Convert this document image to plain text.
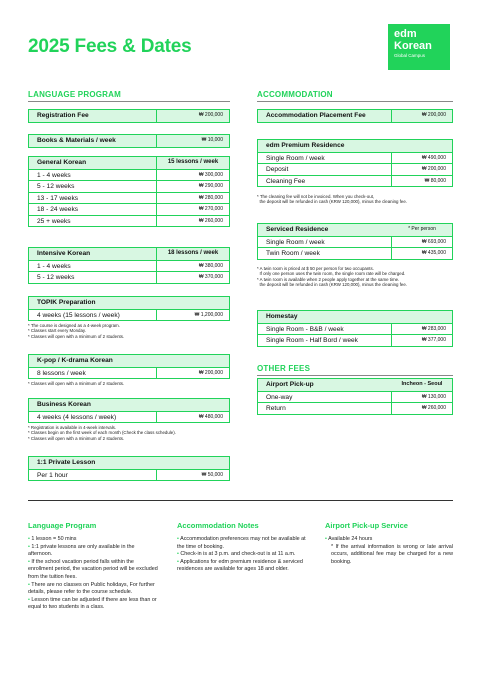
2025 Fees & Dates
edm
Korean
Global Campus
LANGUAGE PROGRAM	ACCOMMODATION
Registration Fee	₩ 200,000
Books & Materials / week	₩ 10,000
General Korean	15 lessons / week
1 - 4 weeks	₩ 300,000
5 - 12 weeks	₩ 290,000
13 - 17 weeks	₩ 280,000
18 - 24 weeks	₩ 270,000
25 + weeks	₩ 260,000
Intensive Korean	18 lessons / week
1 - 4 weeks	₩ 380,000
5 - 12 weeks	₩ 370,000
TOPIK Preparation
4 weeks (15 lessons / week)	₩ 1,200,000
* The course is designed as a 4-week program.
* Classes start every Monday.
* Classes will open with a minimum of 2 students.
K-pop / K-drama Korean
8 lessons / week	₩ 200,000
* Classes will open with a minimum of 2 students.
Business Korean
4 weeks (4 lessons / week)	₩ 480,000
* Registration is available in 4-week intervals.
* Classes begin on the first week of each month (Check the class schedule).
* Classes will open with a minimum of 2 students.
1:1 Private Lesson
Per 1 hour	₩ 50,000
Accommodation Placement Fee	₩ 200,000
edm Premium Residence
Single Room / week	₩ 490,000
Deposit	₩ 200,000
Cleaning Fee	₩ 80,000
* The cleaning fee will not be invoiced. When you check-out,
the deposit will be refunded in cash (KRW 120,000), minus the cleaning fee.
Serviced Residence	* Per person
Single Room / week	₩ 693,000
Twin Room / week	₩ 435,000
* A twin room is priced at $ 50 per person for two occupants.
If only one person uses the twin room, the single room rate will be charged.
* A twin room is available when 2 people apply together at the same time.
the deposit will be refunded in cash (KRW 120,000), minus the cleaning fee.
Homestay
Single Room - B&B / week	₩ 283,000
Single Room - Half Bord / week	₩ 377,000
OTHER FEES
Airport Pick-up	Incheon - Seoul
One-way	₩ 130,000
Return	₩ 260,000
Language Program
• 1 lesson = 50 mins
• 1:1 private lessons are only available in the afternoon.
• If the school vacation period falls within the enrollment period, the vacation period will be excluded from the tuition fees.
• There are no classes on Public holidays, For further details, please refer to the course schedule.
• Lesson time can be adjusted if there are less than or equal to two students in a class.
Accommodation Notes
• Accommodation preferences may not be available at the time of booking.
• Check-in is at 3 p.m. and check-out is at 11 a.m.
• Applications for edm premium residence & serviced residences are available for ages 18 and older.
Airport Pick-up Service
• Available 24 hours
* If the arrival information is wrong or late arrival occurs, additional fee may be charged for a new booking.
